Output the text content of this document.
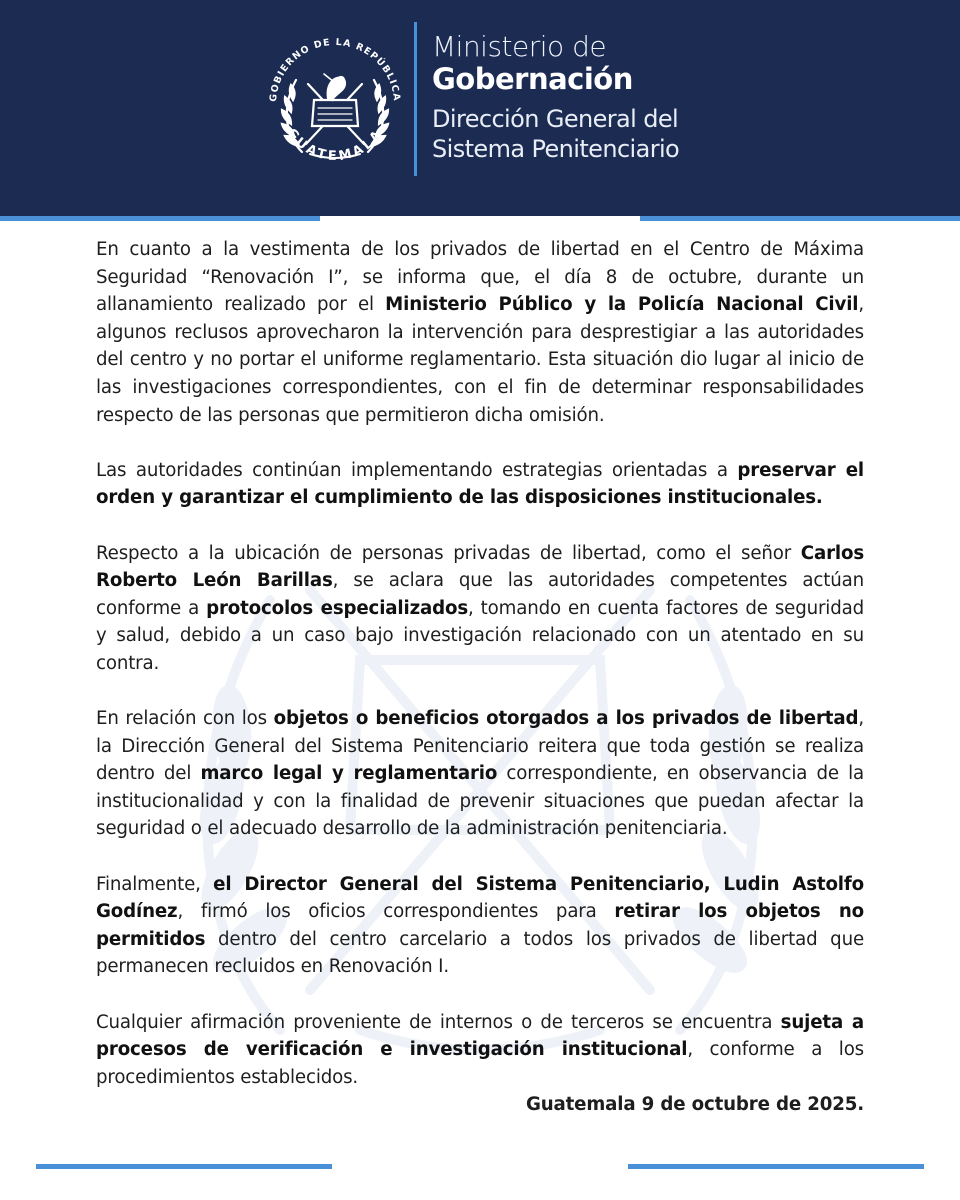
GOBIERNO DE LA REPÚBLICA
GUATEMALA
Ministerio de
Gobernación
Dirección General del
Sistema Penitenciario

En cuanto a la vestimenta de los privados de libertad en el Centro de Máxima Seguridad “Renovación I”, se informa que, el día 8 de octubre, durante un allanamiento realizado por el Ministerio Público y la Policía Nacional Civil, algunos reclusos aprovecharon la intervención para desprestigiar a las autoridades del centro y no portar el uniforme reglamentario. Esta situación dio lugar al inicio de las investigaciones correspondientes, con el fin de determinar responsabilidades respecto de las personas que permitieron dicha omisión.

Las autoridades continúan implementando estrategias orientadas a preservar el orden y garantizar el cumplimiento de las disposiciones institucionales.

Respecto a la ubicación de personas privadas de libertad, como el señor Carlos Roberto León Barillas, se aclara que las autoridades competentes actúan conforme a protocolos especializados, tomando en cuenta factores de seguridad y salud, debido a un caso bajo investigación relacionado con un atentado en su contra.

En relación con los objetos o beneficios otorgados a los privados de libertad, la Dirección General del Sistema Penitenciario reitera que toda gestión se realiza dentro del marco legal y reglamentario correspondiente, en observancia de la institucionalidad y con la finalidad de prevenir situaciones que puedan afectar la seguridad o el adecuado desarrollo de la administración penitenciaria.

Finalmente, el Director General del Sistema Penitenciario, Ludin Astolfo Godínez, firmó los oficios correspondientes para retirar los objetos no permitidos dentro del centro carcelario a todos los privados de libertad que permanecen recluidos en Renovación I.

Cualquier afirmación proveniente de internos o de terceros se encuentra sujeta a procesos de verificación e investigación institucional, conforme a los procedimientos establecidos.

Guatemala 9 de octubre de 2025.
